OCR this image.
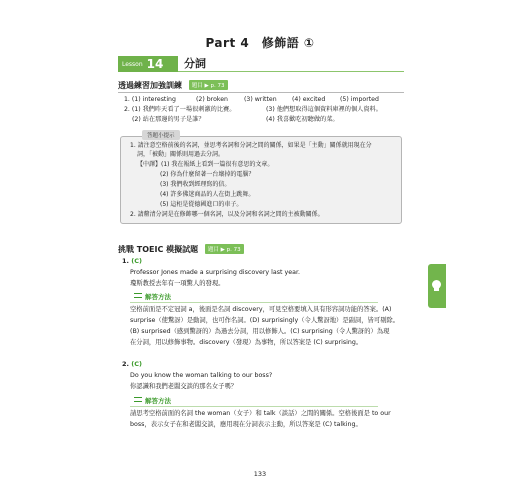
Part 4　修飾語 ①
Lesson 14 分詞
透過練習加強訓練 題目 ▶ p. 73
1. (1) interesting	(2) broken	(3) written (4) excited (5) imported
2. (1) 我們昨天看了一場很刺激的比賽。	(3) 他們想取得這個資料庫裡的個人資料。
(2) 站在那邊的男子是誰？	(4) 我喜歡吃初聽做的菜。
答題小提示
1. 請注意空格前後的名詞，並思考名詞和分詞之間的關係，如果是「主動」關係就用現在分
詞，「被動」關係則用過去分詞。
【中譯】(1) 我在報紙上看到一篇很有意思的文章。
(2) 你為什麼留著一台壞掉的電腦？
(3) 我們收到經理寫的信。
(4) 許多佛迷商品的人在街上跳舞。
(5) 這柜是從德國進口的車子。
2. 請釐清分詞是在修飾哪一個名詞，以及分詞和名詞之間的主被動關係。
挑戰 TOEIC 模擬試題 題目 ▶ p. 73
1. (C)
Professor Jones made a surprising discovery last year.
瓊斯教授去年有一項驚人的發現。
解答方法
空格前面是不定冠詞 a，後面是名詞 discovery，可見空格要填入具有形容詞功能的答案。(A)
surprise（使驚訝）是動詞，也可作名詞。(D) surprisingly（令人驚訝地）是副詞，皆可剔除。
(B) surprised（感到驚訝的）為過去分詞，用以修飾人。(C) surprising（令人驚訝的）為現
在分詞，用以修飾事物。discovery（發現）為事物，所以答案是 (C) surprising。
2. (C)
Do you know the woman talking to our boss?
你認識和我們老闆交談的那名女子嗎？
解答方法
請思考空格前面的名詞 the woman（女子）和 talk（談話）之間的關係。空格後面是 to our
boss，表示女子在和老闆交談，應用現在分詞表示主動，所以答案是 (C) talking。
133
